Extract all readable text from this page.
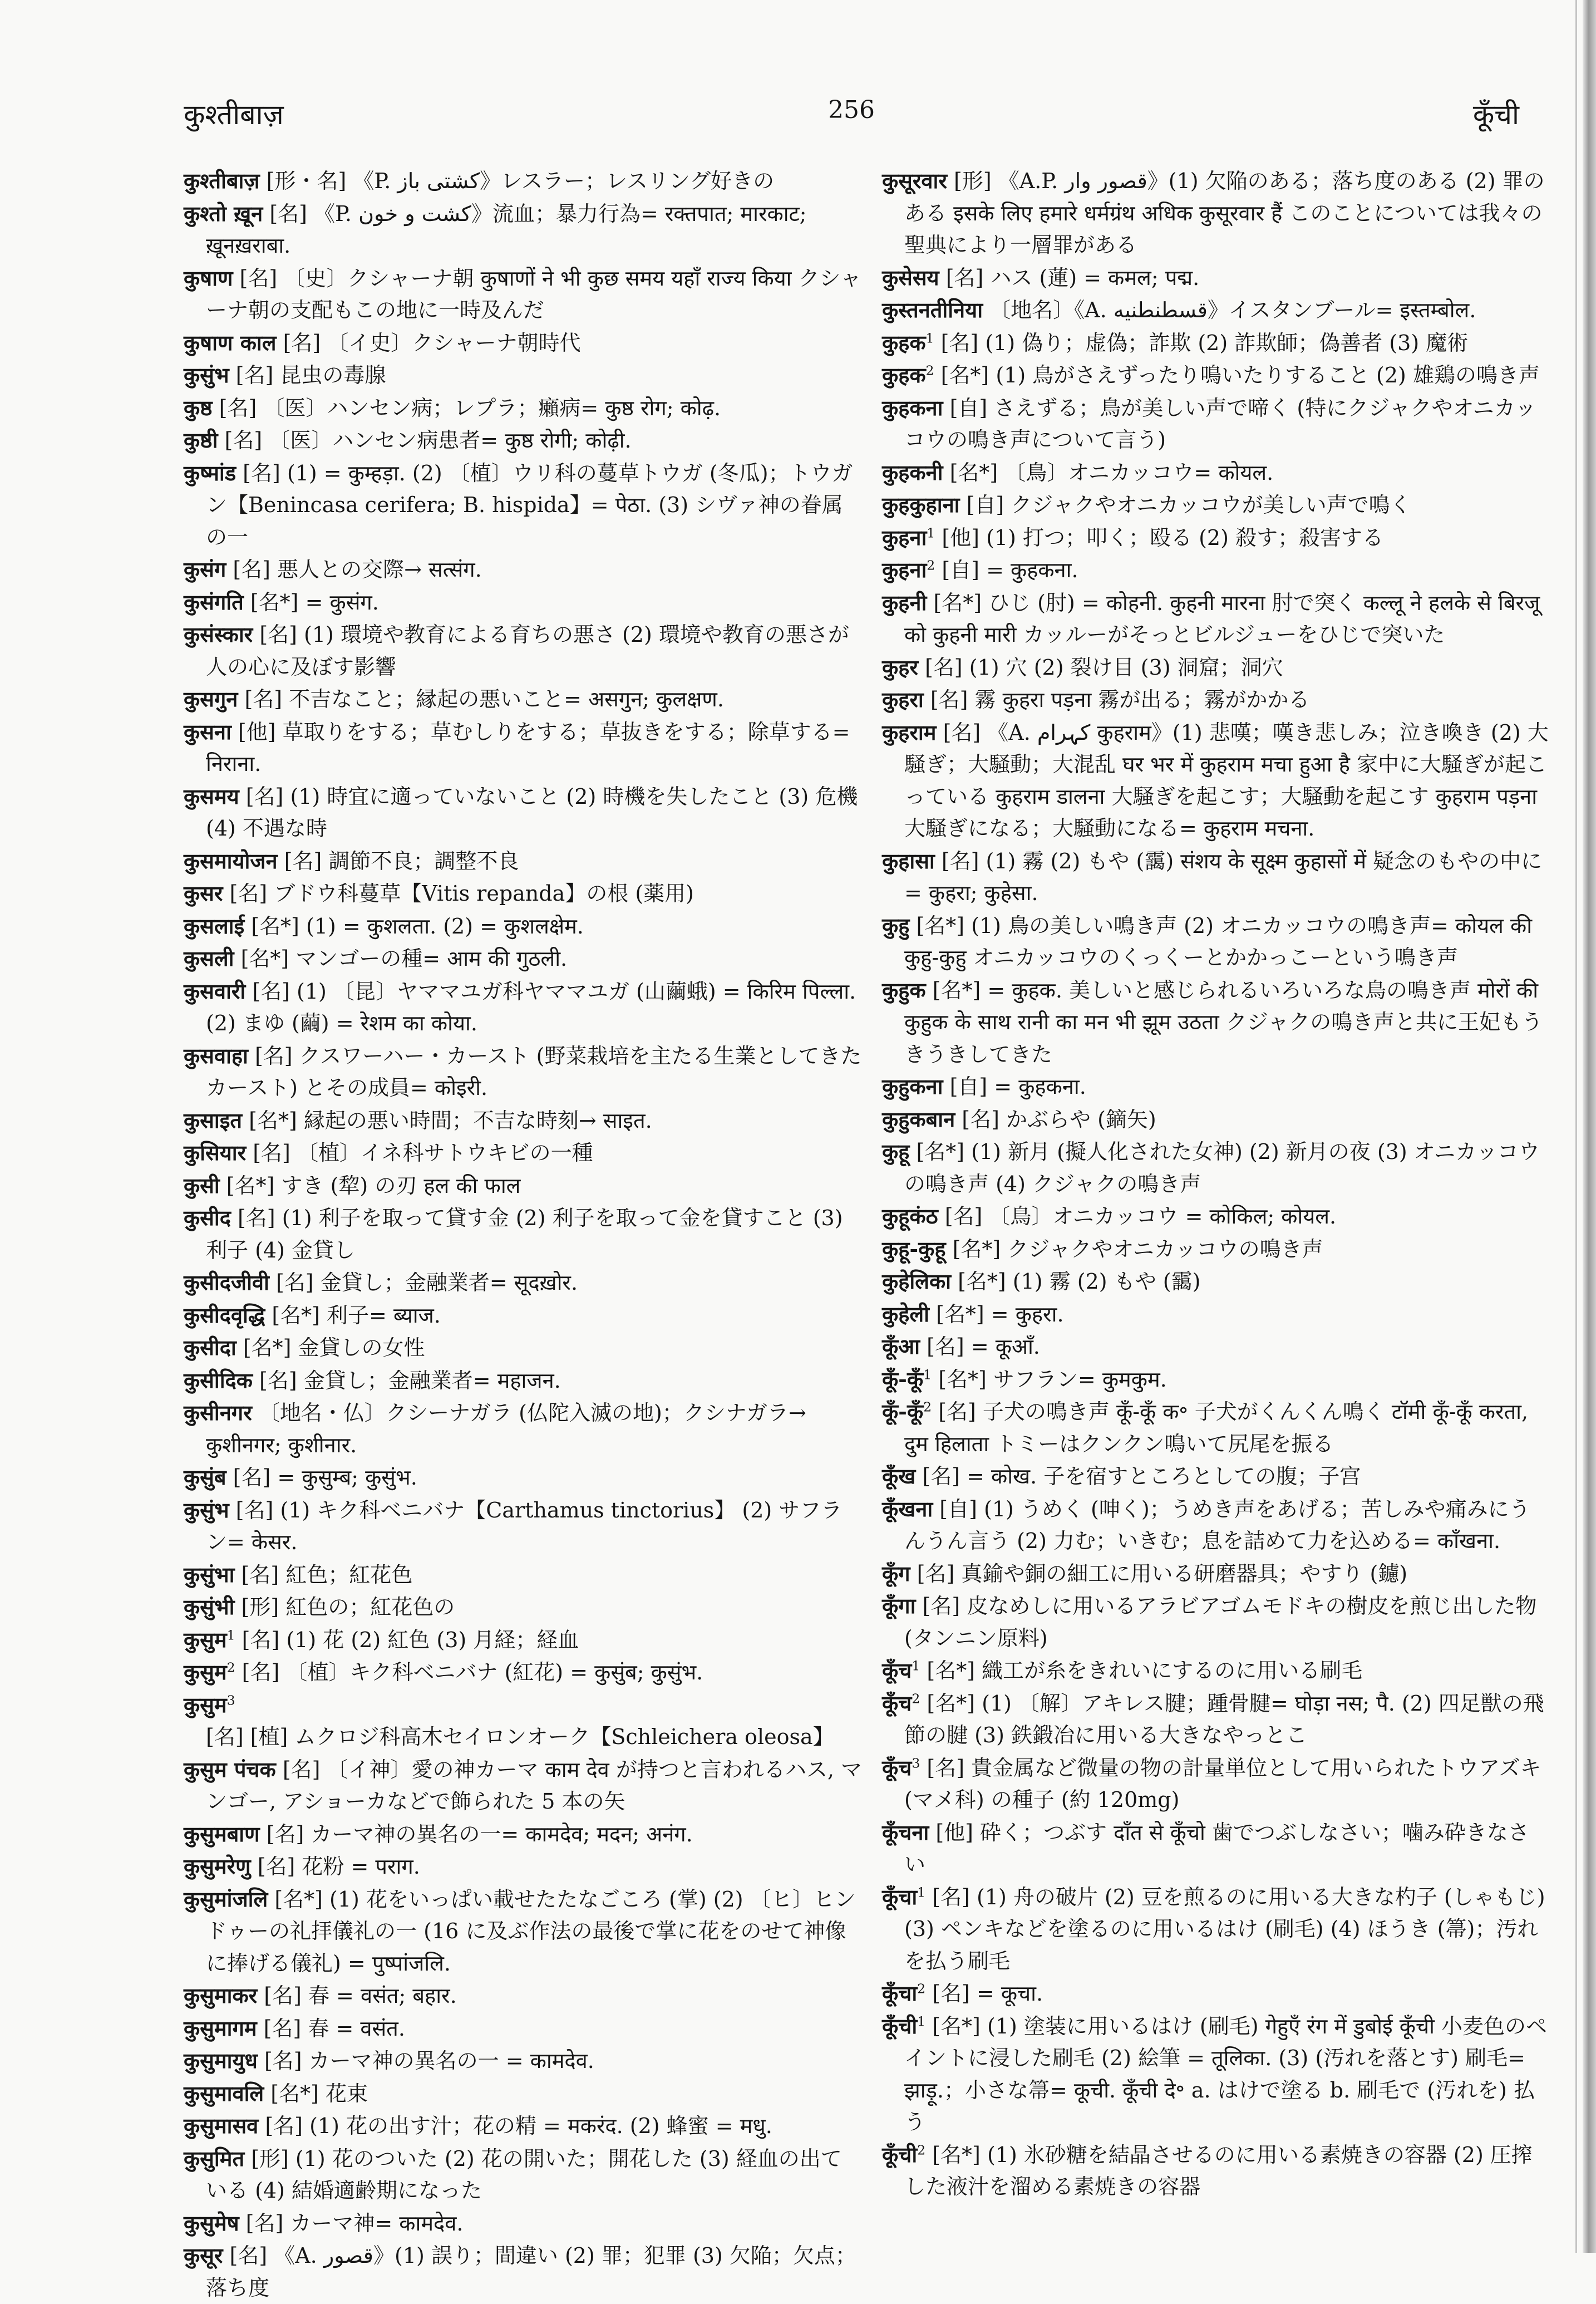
कुश्तीबाज़	256	कूँची

कुश्तीबाज़ [形・名] 《P. کشتی باز》レスラー；レスリング好きの

कुश्तो ख़ून [名] 《P. کشت و خون》流血；暴力行為= रक्तपात; मारकाट; ख़ूनख़राबा.

कुषाण [名] 〔史〕クシャーナ朝 कुषाणों ने भी कुछ समय यहाँ राज्य किया クシャーナ朝の支配もこの地に一時及んだ

कुषाण काल [名] 〔イ史〕クシャーナ朝時代

कुसुंभ [名] 昆虫の毒腺

कुष्ठ [名] 〔医〕ハンセン病；レプラ；癩病= कुष्ठ रोग; कोढ़.

कुष्ठी [名] 〔医〕ハンセン病患者= कुष्ठ रोगी; कोढ़ी.

कुष्मांड [名] (1) = कुम्हड़ा. (2) 〔植〕ウリ科の蔓草トウガ (冬瓜)；トウガン【Benincasa cerifera; B. hispida】= पेठा. (3) シヴァ神の眷属の一

कुसंग [名] 悪人との交際→ सत्संग.

कुसंगति [名*] = कुसंग.

कुसंस्कार [名] (1) 環境や教育による育ちの悪さ (2) 環境や教育の悪さが人の心に及ぼす影響

कुसगुन [名] 不吉なこと；縁起の悪いこと= असगुन; कुलक्षण.

कुसना [他] 草取りをする；草むしりをする；草抜きをする；除草する= निराना.

कुसमय [名] (1) 時宜に適っていないこと (2) 時機を失したこと (3) 危機 (4) 不遇な時

कुसमायोजन [名] 調節不良；調整不良

कुसर [名] ブドウ科蔓草【Vitis repanda】の根 (薬用)

कुसलाई [名*] (1) = कुशलता. (2) = कुशलक्षेम.

कुसली [名*] マンゴーの種= आम की गुठली.

कुसवारी [名] (1) 〔昆〕ヤママユガ科ヤママユガ (山繭蛾) = किरिम पिल्ला. (2) まゆ (繭) = रेशम का कोया.

कुसवाहा [名] クスワーハー・カースト (野菜栽培を主たる生業としてきたカースト) とその成員= कोइरी.

कुसाइत [名*] 縁起の悪い時間；不吉な時刻→ साइत.

कुसियार [名] 〔植〕イネ科サトウキビの一種

कुसी [名*] すき (犂) の刃 हल की फाल

कुसीद [名] (1) 利子を取って貸す金 (2) 利子を取って金を貸すこと (3) 利子 (4) 金貸し

कुसीदजीवी [名] 金貸し；金融業者= सूदख़ोर.

कुसीदवृद्धि [名*] 利子= ब्याज.

कुसीदा [名*] 金貸しの女性

कुसीदिक [名] 金貸し；金融業者= महाजन.

कुसीनगर 〔地名・仏〕クシーナガラ (仏陀入滅の地)；クシナガラ→ कुशीनगर; कुशीनार.

कुसुंब [名] = कुसुम्ब; कुसुंभ.

कुसुंभ [名] (1) キク科ベニバナ【Carthamus tinctorius】 (2) サフラン= केसर.

कुसुंभा [名] 紅色；紅花色

कुसुंभी [形] 紅色の；紅花色の

कुसुम$^1$ [名] (1) 花 (2) 紅色 (3) 月経；経血

कुसुम$^2$ [名] 〔植〕キク科ベニバナ (紅花) = कुसुंब; कुसुंभ.

कुसुम$^3$ [名] [植] ムクロジ科高木セイロンオーク【Schleichera oleosa】

कुसुम पंचक [名] 〔イ神〕愛の神カーマ काम देव が持つと言われるハス, マンゴー, アショーカなどで飾られた 5 本の矢

कुसुमबाण [名] カーマ神の異名の一= कामदेव; मदन; अनंग.

कुसुमरेणु [名] 花粉 = पराग.

कुसुमांजलि [名*] (1) 花をいっぱい載せたたなごころ (掌) (2) 〔ヒ〕ヒンドゥーの礼拝儀礼の一 (16 に及ぶ作法の最後で掌に花をのせて神像に捧げる儀礼) = पुष्पांजलि.

कुसुमाकर [名] 春 = वसंत; बहार.

कुसुमागम [名] 春 = वसंत.

कुसुमायुध [名] カーマ神の異名の一 = कामदेव.

कुसुमावलि [名*] 花束

कुसुमासव [名] (1) 花の出す汁；花の精 = मकरंद. (2) 蜂蜜 = मधु.

कुसुमित [形] (1) 花のついた (2) 花の開いた；開花した (3) 経血の出ている (4) 結婚適齢期になった

कुसुमेष [名] カーマ神= कामदेव.

कुसूर [名] 《A. قصور》(1) 誤り；間違い (2) 罪；犯罪 (3) 欠陥；欠点；落ち度

कुसूरवार [形] 《A.P. قصور وار》(1) 欠陥のある；落ち度のある (2) 罪のある इसके लिए हमारे धर्मग्रंथ अधिक कुसूरवार हैं このことについては我々の聖典により一層罪がある

कुसेसय [名] ハス (蓮) = कमल; पद्म.

कुस्तनतीनिया 〔地名〕《A. قسطنطنیه》イスタンブール= इस्तम्बोल.

कुहक$^1$ [名] (1) 偽り；虚偽；詐欺 (2) 詐欺師；偽善者 (3) 魔術

कुहक$^2$ [名*] (1) 鳥がさえずったり鳴いたりすること (2) 雄鶏の鳴き声

कुहकना [自] さえずる；鳥が美しい声で啼く (特にクジャクやオニカッコウの鳴き声について言う)

कुहकनी [名*] 〔鳥〕オニカッコウ= कोयल.

कुहकुहाना [自] クジャクやオニカッコウが美しい声で鳴く

कुहना$^1$ [他] (1) 打つ；叩く；殴る (2) 殺す；殺害する

कुहना$^2$ [自] = कुहकना.

कुहनी [名*] ひじ (肘) = कोहनी. कुहनी मारना 肘で突く कल्लू ने हलके से बिरजू को कुहनी मारी カッルーがそっとビルジューをひじで突いた

कुहर [名] (1) 穴 (2) 裂け目 (3) 洞窟；洞穴

कुहरा [名] 霧 कुहरा पड़ना 霧が出る；霧がかかる

कुहराम [名] 《A. کہرام कुहराम》(1) 悲嘆；嘆き悲しみ；泣き喚き (2) 大騒ぎ；大騒動；大混乱 घर भर में कुहराम मचा हुआ है 家中に大騒ぎが起こっている कुहराम डालना 大騒ぎを起こす；大騒動を起こす कुहराम पड़ना 大騒ぎになる；大騒動になる= कुहराम मचना.

कुहासा [名] (1) 霧 (2) もや (靄) संशय के सूक्ष्म कुहासों में 疑念のもやの中に= कुहरा; कुहेसा.

कुहु [名*] (1) 鳥の美しい鳴き声 (2) オニカッコウの鳴き声= कोयल की कुहु-कुहु オニカッコウのくっくーとかかっこーという鳴き声

कुहुक [名*] = कुहक. 美しいと感じられるいろいろな鳥の鳴き声 मोरों की कुहुक के साथ रानी का मन भी झूम उठता クジャクの鳴き声と共に王妃もうきうきしてきた

कुहुकना [自] = कुहकना.

कुहुकबान [名] かぶらや (鏑矢)

कुहू [名*] (1) 新月 (擬人化された女神) (2) 新月の夜 (3) オニカッコウの鳴き声 (4) クジャクの鳴き声

कुहूकंठ [名] 〔鳥〕オニカッコウ = कोकिल; कोयल.

कुहू-कुहू [名*] クジャクやオニカッコウの鳴き声

कुहेलिका [名*] (1) 霧 (2) もや (靄)

कुहेली [名*] = कुहरा.

कूँआ [名] = कूआँ.

कूँ-कूँ$^1$ [名*] サフラン= कुमकुम.

कूँ-कूँ$^2$ [名] 子犬の鳴き声 कूँ-कूँ क॰ 子犬がくんくん鳴く टॉमी कूँ-कूँ करता, दुम हिलाता トミーはクンクン鳴いて尻尾を振る

कूँख [名] = कोख. 子を宿すところとしての腹；子宫

कूँखना [自] (1) うめく (呻く)；うめき声をあげる；苦しみや痛みにうんうん言う (2) 力む；いきむ；息を詰めて力を込める= काँखना.

कूँग [名] 真鍮や銅の細工に用いる研磨器具；やすり (鑢)

कूँगा [名] 皮なめしに用いるアラビアゴムモドキの樹皮を煎じ出した物 (タンニン原料)

कूँच$^1$ [名*] 織工が糸をきれいにするのに用いる刷毛

कूँच$^2$ [名*] (1) 〔解〕アキレス腱；踵骨腱= घोड़ा नस; पै. (2) 四足獣の飛節の腱 (3) 鉄鍛冶に用いる大きなやっとこ

कूँच$^3$ [名] 貴金属など微量の物の計量単位として用いられたトウアズキ (マメ科) の種子 (約 120mg)

कूँचना [他] 砕く；つぶす दाँत से कूँचो 歯でつぶしなさい；噛み砕きなさい

कूँचा$^1$ [名] (1) 舟の破片 (2) 豆を煎るのに用いる大きな杓子 (しゃもじ) (3) ペンキなどを塗るのに用いるはけ (刷毛) (4) ほうき (箒)；汚れを払う刷毛

कूँचा$^2$ [名] = कूचा.

कूँची$^1$ [名*] (1) 塗装に用いるはけ (刷毛) गेहुएँ रंग में डुबोई कूँची 小麦色のペイントに浸した刷毛 (2) 絵筆 = तूलिका. (3) (汚れを落とす) 刷毛= झाड़ू.；小さな箒= कूची. कूँची दे॰ a. はけで塗る b. 刷毛で (汚れを) 払う

कूँची$^2$ [名*] (1) 氷砂糖を結晶させるのに用いる素焼きの容器 (2) 圧搾した液汁を溜める素焼きの容器
